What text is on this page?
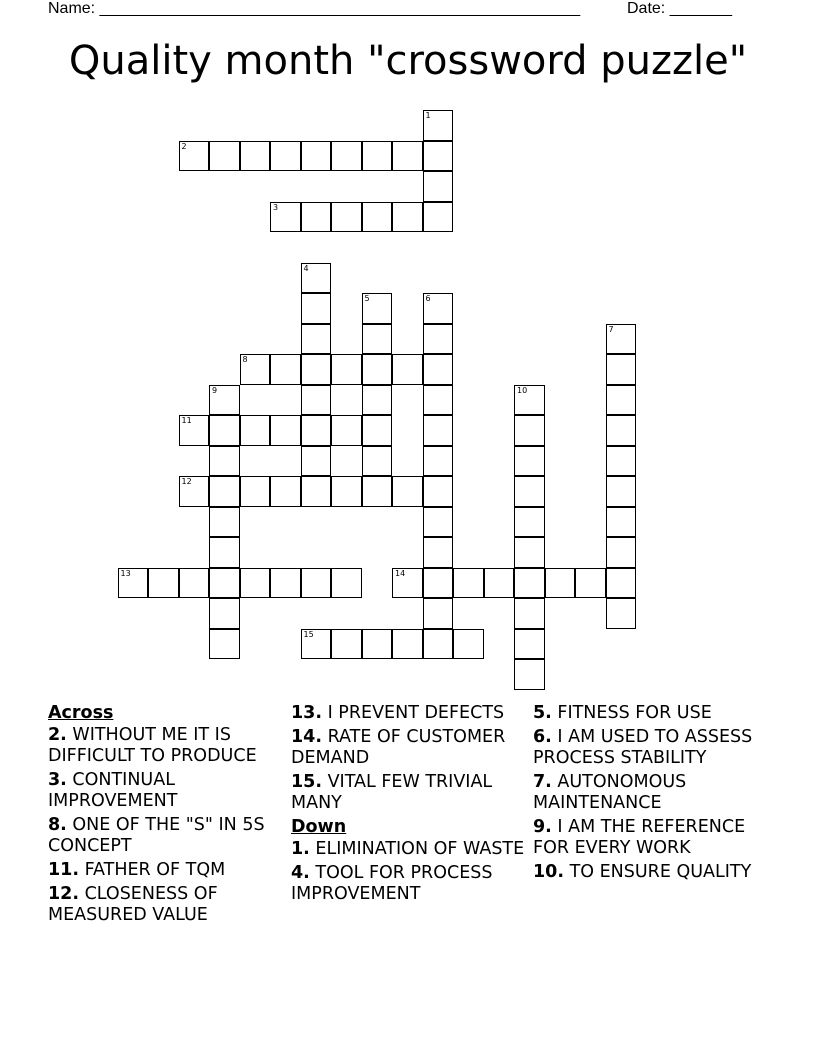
Name: ______________________________________________________	Date: _______
Quality month "crossword puzzle"
1
2
3
4
5	6
7
8
9	10
11
12
13	14
15
Across
2. WITHOUT ME IT IS DIFFICULT TO PRODUCE
3. CONTINUAL IMPROVEMENT
8. ONE OF THE "S" IN 5S CONCEPT
11. FATHER OF TQM
12. CLOSENESS OF MEASURED VALUE
13. I PREVENT DEFECTS
14. RATE OF CUSTOMER DEMAND
15. VITAL FEW TRIVIAL MANY
Down
1. ELIMINATION OF WASTE
4. TOOL FOR PROCESS IMPROVEMENT
5. FITNESS FOR USE
6. I AM USED TO ASSESS PROCESS STABILITY
7. AUTONOMOUS MAINTENANCE
9. I AM THE REFERENCE FOR EVERY WORK
10. TO ENSURE QUALITY
